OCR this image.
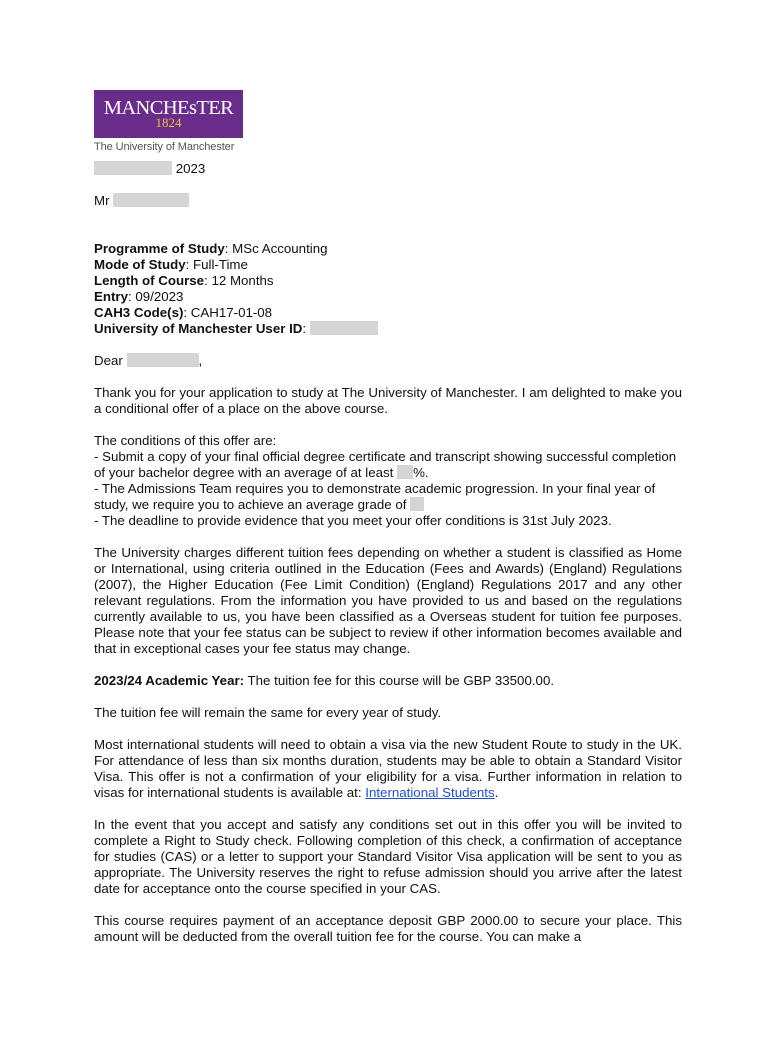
MANCHEsTER
1824
The University of Manchester

2023

Mr

Programme of Study: MSc Accounting

Mode of Study: Full-Time

Length of Course: 12 Months

Entry: 09/2023

CAH3 Code(s): CAH17-01-08

University of Manchester User ID:

Dear	,

Thank you for your application to study at The University of Manchester. I am delighted to make you a conditional offer of a place on the above course.

The conditions of this offer are:

- Submit a copy of your final official degree certificate and transcript showing successful completion of your bachelor degree with an average of at least %.

- The Admissions Team requires you to demonstrate academic progression. In your final year of study, we require you to achieve an average grade of

- The deadline to provide evidence that you meet your offer conditions is 31st July 2023.

The University charges different tuition fees depending on whether a student is classified as Home or International, using criteria outlined in the Education (Fees and Awards) (England) Regulations (2007), the Higher Education (Fee Limit Condition) (England) Regulations 2017 and any other relevant regulations. From the information you have provided to us and based on the regulations currently available to us, you have been classified as a Overseas student for tuition fee purposes. Please note that your fee status can be subject to review if other information becomes available and that in exceptional cases your fee status may change.

2023/24 Academic Year: The tuition fee for this course will be GBP 33500.00.

The tuition fee will remain the same for every year of study.

Most international students will need to obtain a visa via the new Student Route to study in the UK. For attendance of less than six months duration, students may be able to obtain a Standard Visitor Visa. This offer is not a confirmation of your eligibility for a visa. Further information in relation to visas for international students is available at: International Students.

In the event that you accept and satisfy any conditions set out in this offer you will be invited to complete a Right to Study check. Following completion of this check, a confirmation of acceptance for studies (CAS) or a letter to support your Standard Visitor Visa application will be sent to you as appropriate. The University reserves the right to refuse admission should you arrive after the latest date for acceptance onto the course specified in your CAS.

This course requires payment of an acceptance deposit GBP 2000.00 to secure your place. This amount will be deducted from the overall tuition fee for the course. You can make a
